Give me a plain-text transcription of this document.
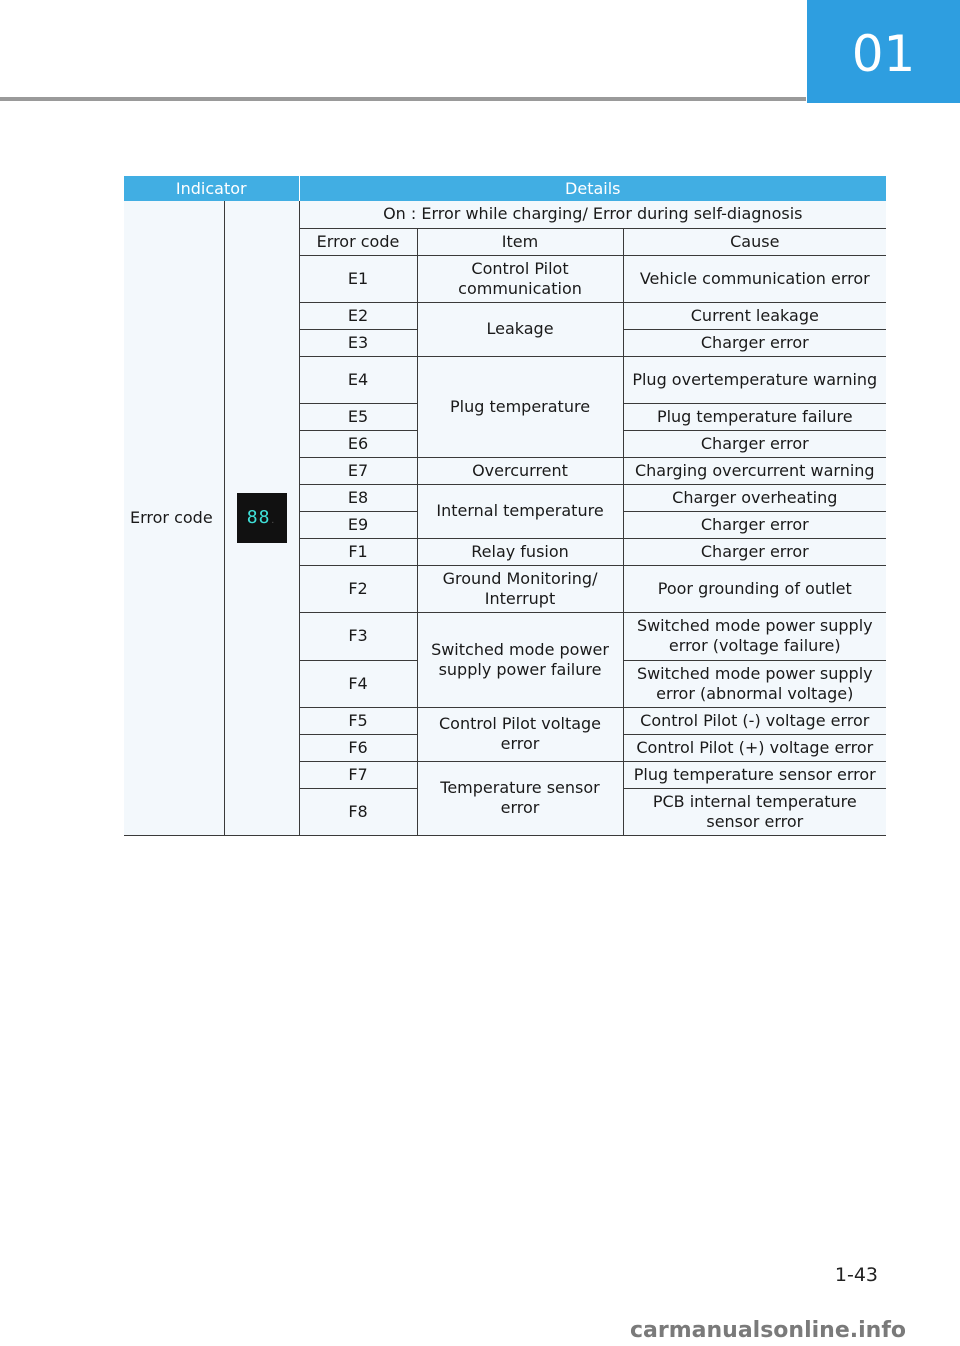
01
Indicator		Details		
Error code	88.	On : Error while charging/ Error during self-diagnosis		
		Error code	Item	Cause
		E1	Control Pilot communication	Vehicle communication error
		E2	Leakage	Current leakage
		E3		Charger error
		E4	Plug temperature	Plug overtemperature warning
		E5		Plug temperature failure
		E6		Charger error
		E7	Overcurrent	Charging overcurrent warning
		E8	Internal temperature	Charger overheating
		E9		Charger error
		F1	Relay fusion	Charger error
		F2	Ground Monitoring/ Interrupt	Poor grounding of outlet
		F3	Switched mode power supply power failure	Switched mode power supply error (voltage failure)
		F4		Switched mode power supply error (abnormal voltage)
		F5	Control Pilot voltage error	Control Pilot (-) voltage error
		F6		Control Pilot (+) voltage error
		F7	Temperature sensor error	Plug temperature sensor error
		F8		PCB internal temperature sensor error
1-43
carmanualsonline.info
